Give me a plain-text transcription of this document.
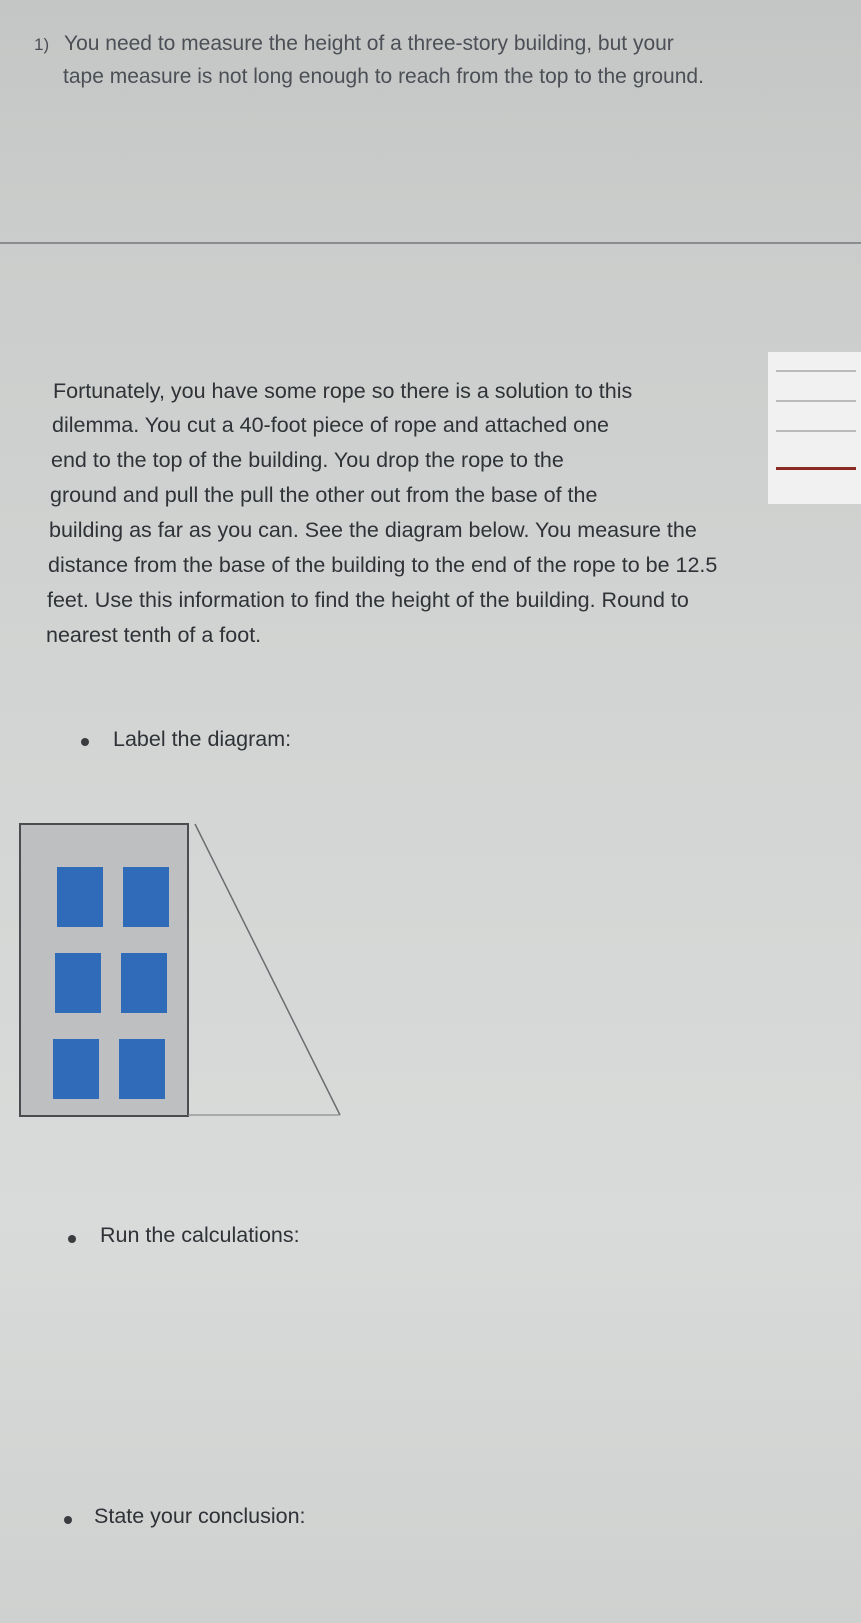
1) You need to measure the height of a three-story building, but your
tape measure is not long enough to reach from the top to the ground.
Fortunately, you have some rope so there is a solution to this
dilemma. You cut a 40-foot piece of rope and attached one
end to the top of the building. You drop the rope to the
ground and pull the pull the other out from the base of the
building as far as you can. See the diagram below. You measure the
distance from the base of the building to the end of the rope to be 12.5
feet. Use this information to find the height of the building. Round to
nearest tenth of a foot.
Label the diagram:
Run the calculations:
State your conclusion:
